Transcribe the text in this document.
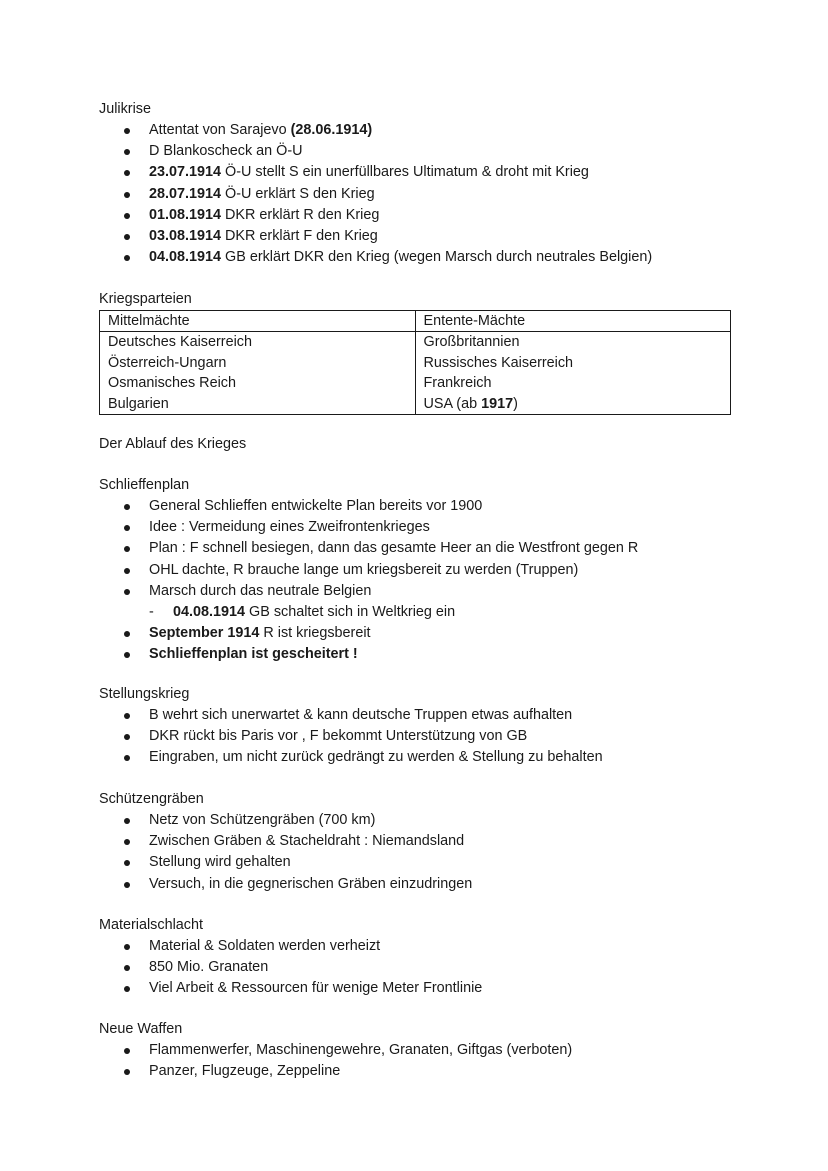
Julikrise
Attentat von Sarajevo (28.06.1914)
D Blankoscheck an Ö-U
23.07.1914 Ö-U stellt S ein unerfüllbares Ultimatum & droht mit Krieg
28.07.1914 Ö-U erklärt S den Krieg
01.08.1914 DKR erklärt R den Krieg
03.08.1914 DKR erklärt F den Krieg
04.08.1914 GB erklärt DKR den Krieg (wegen Marsch durch neutrales Belgien)
Kriegsparteien
Mittelmächte	Entente-Mächte
Deutsches Kaiserreich	Großbritannien
Österreich-Ungarn	Russisches Kaiserreich
Osmanisches Reich	Frankreich
Bulgarien	USA (ab 1917)
Der Ablauf des Krieges
Schlieffenplan
General Schlieffen entwickelte Plan bereits vor 1900
Idee : Vermeidung eines Zweifrontenkrieges
Plan : F schnell besiegen, dann das gesamte Heer an die Westfront gegen R
OHL dachte, R brauche lange um kriegsbereit zu werden (Truppen)
Marsch durch das neutrale Belgien
- 04.08.1914 GB schaltet sich in Weltkrieg ein
September 1914 R ist kriegsbereit
Schlieffenplan ist gescheitert !
Stellungskrieg
B wehrt sich unerwartet & kann deutsche Truppen etwas aufhalten
DKR rückt bis Paris vor , F bekommt Unterstützung von GB
Eingraben, um nicht zurück gedrängt zu werden & Stellung zu behalten
Schützengräben
Netz von Schützengräben (700 km)
Zwischen Gräben & Stacheldraht : Niemandsland
Stellung wird gehalten
Versuch, in die gegnerischen Gräben einzudringen
Materialschlacht
Material & Soldaten werden verheizt
850 Mio. Granaten
Viel Arbeit & Ressourcen für wenige Meter Frontlinie
Neue Waffen
Flammenwerfer, Maschinengewehre, Granaten, Giftgas (verboten)
Panzer, Flugzeuge, Zeppeline
